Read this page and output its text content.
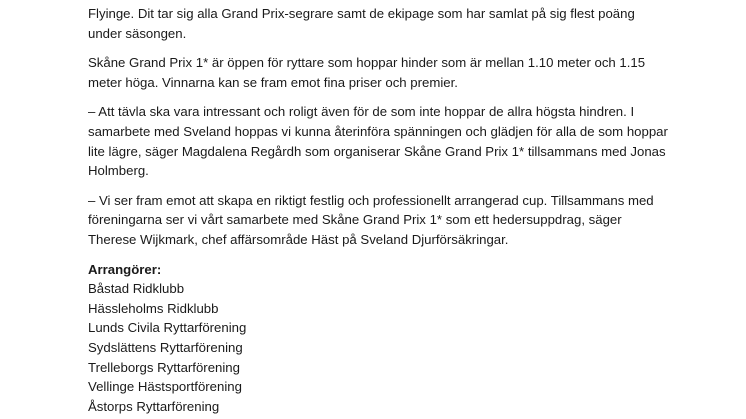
Flyinge. Dit tar sig alla Grand Prix-segrare samt de ekipage som har samlat på sig flest poäng under säsongen.

Skåne Grand Prix 1* är öppen för ryttare som hoppar hinder som är mellan 1.10 meter och 1.15 meter höga. Vinnarna kan se fram emot fina priser och premier.

– Att tävla ska vara intressant och roligt även för de som inte hoppar de allra högsta hindren. I samarbete med Sveland hoppas vi kunna återinföra spänningen och glädjen för alla de som hoppar lite lägre, säger Magdalena Regårdh som organiserar Skåne Grand Prix 1* tillsammans med Jonas Holmberg.

– Vi ser fram emot att skapa en riktigt festlig och professionellt arrangerad cup. Tillsammans med föreningarna ser vi vårt samarbete med Skåne Grand Prix 1* som ett hedersuppdrag, säger Therese Wijkmark, chef affärsområde Häst på Sveland Djurförsäkringar.

Arrangörer:

Båstad Ridklubb
Hässleholms Ridklubb
Lunds Civila Ryttarförening
Sydslättens Ryttarförening
Trelleborgs Ryttarförening
Vellinge Hästsportförening
Åstorps Ryttarförening
